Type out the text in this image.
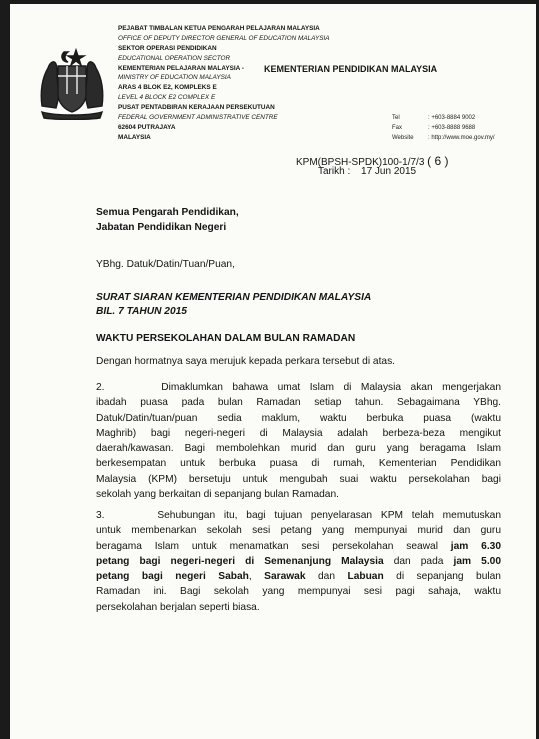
PEJABAT TIMBALAN KETUA PENGARAH PELAJARAN MALAYSIA
OFFICE OF DEPUTY DIRECTOR GENERAL OF EDUCATION MALAYSIA
SEKTOR OPERASI PENDIDIKAN
EDUCATIONAL OPERATION SECTOR
KEMENTERIAN PELAJARAN MALAYSIA -
MINISTRY OF EDUCATION MALAYSIA
ARAS 4 BLOK E2, KOMPLEKS E
LEVEL 4 BLOCK E2 COMPLEX E
PUSAT PENTADBIRAN KERAJAAN PERSEKUTUAN
FEDERAL GOVERNMENT ADMINISTRATIVE CENTRE
62604 PUTRAJAYA
MALAYSIA
KEMENTERIAN PENDIDIKAN MALAYSIA
Tel	: +603-8884 9002
Fax	: +603-8888 9688
Website : http://www.moe.gov.my/
KPM(BPSH-SPDK)100-1/7/3 ( 6 )
Tarikh : 17 Jun 2015
Semua Pengarah Pendidikan,
Jabatan Pendidikan Negeri
YBhg. Datuk/Datin/Tuan/Puan,
SURAT SIARAN KEMENTERIAN PENDIDIKAN MALAYSIA
BIL. 7 TAHUN 2015
WAKTU PERSEKOLAHAN DALAM BULAN RAMADAN
Dengan hormatnya saya merujuk kepada perkara tersebut di atas.
2.      Dimaklumkan bahawa umat Islam di Malaysia akan mengerjakan
ibadah puasa pada bulan Ramadan setiap tahun. Sebagaimana YBhg.
Datuk/Datin/tuan/puan sedia maklum, waktu berbuka puasa (waktu
Maghrib) bagi negeri-negeri di Malaysia adalah berbeza-beza mengikut
daerah/kawasan. Bagi membolehkan murid dan guru yang beragama Islam
berkesempatan untuk berbuka puasa di rumah, Kementerian Pendidikan
Malaysia (KPM) bersetuju untuk mengubah suai waktu persekolahan bagi
sekolah yang berkaitan di sepanjang bulan Ramadan.
3.      Sehubungan itu, bagi tujuan penyelarasan KPM telah memutuskan
untuk membenarkan sekolah sesi petang yang mempunyai murid dan guru
beragama Islam untuk menamatkan sesi persekolahan seawal jam 6.30
petang bagi negeri-negeri di Semenanjung Malaysia dan pada jam 5.00
petang bagi negeri Sabah, Sarawak dan Labuan di sepanjang bulan
Ramadan ini. Bagi sekolah yang mempunyai sesi pagi sahaja, waktu
persekolahan berjalan seperti biasa.
